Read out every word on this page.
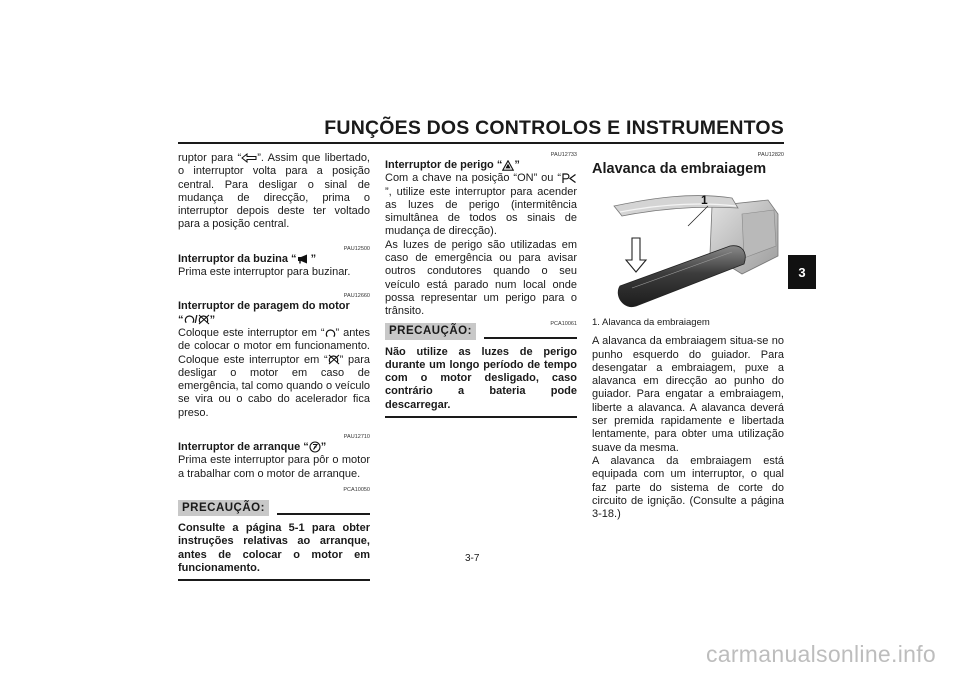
FUNÇÕES DOS CONTROLOS E INSTRUMENTOS
3

ruptor para “ ”. Assim que libertado, o interruptor volta para a posição central. Para desligar o sinal de mudança de direcção, prima o interruptor depois deste ter voltado para a posição central.

PAU12500

Interruptor da buzina “ ”

Prima este interruptor para buzinar.

PAU12660

Interruptor de paragem do motor

“ / ”

Coloque este interruptor em “ ” antes de colocar o motor em funcionamento. Coloque este interruptor em “ ” para desligar o motor em caso de emergência, tal como quando o veículo se vira ou o cabo do acelerador fica preso.

PAU12710

Interruptor de arranque “ ”

Prima este interruptor para pôr o motor a trabalhar com o motor de arranque.

PCA10050
PRECAUÇÃO:

Consulte a página 5-1 para obter instruções relativas ao arranque, antes de colocar o motor em funcionamento.

PAU12733

Interruptor de perigo “ ”

Com a chave na posição “ON” ou “”, utilize este interruptor para acender as luzes de perigo (intermitência simultânea de todos os sinais de mudança de direcção).

As luzes de perigo são utilizadas em caso de emergência ou para avisar outros condutores quando o seu veículo está parado num local onde possa representar um perigo para o trânsito.

PCA10061
PRECAUÇÃO:

Não utilize as luzes de perigo durante um longo período de tempo com o motor desligado, caso contrário a bateria pode descarregar.

PAU12820

Alavanca da embraiagem

1
1. Alavanca da embraiagem

A alavanca da embraiagem situa-se no punho esquerdo do guiador. Para desengatar a embraiagem, puxe a alavanca em direcção ao punho do guiador. Para engatar a embraiagem, liberte a alavanca. A alavanca deverá ser premida rapidamente e libertada lentamente, para obter uma utilização suave da mesma.

A alavanca da embraiagem está equipada com um interruptor, o qual faz parte do sistema de corte do circuito de ignição. (Consulte a página 3-18.)

3-7
carmanualsonline.info
